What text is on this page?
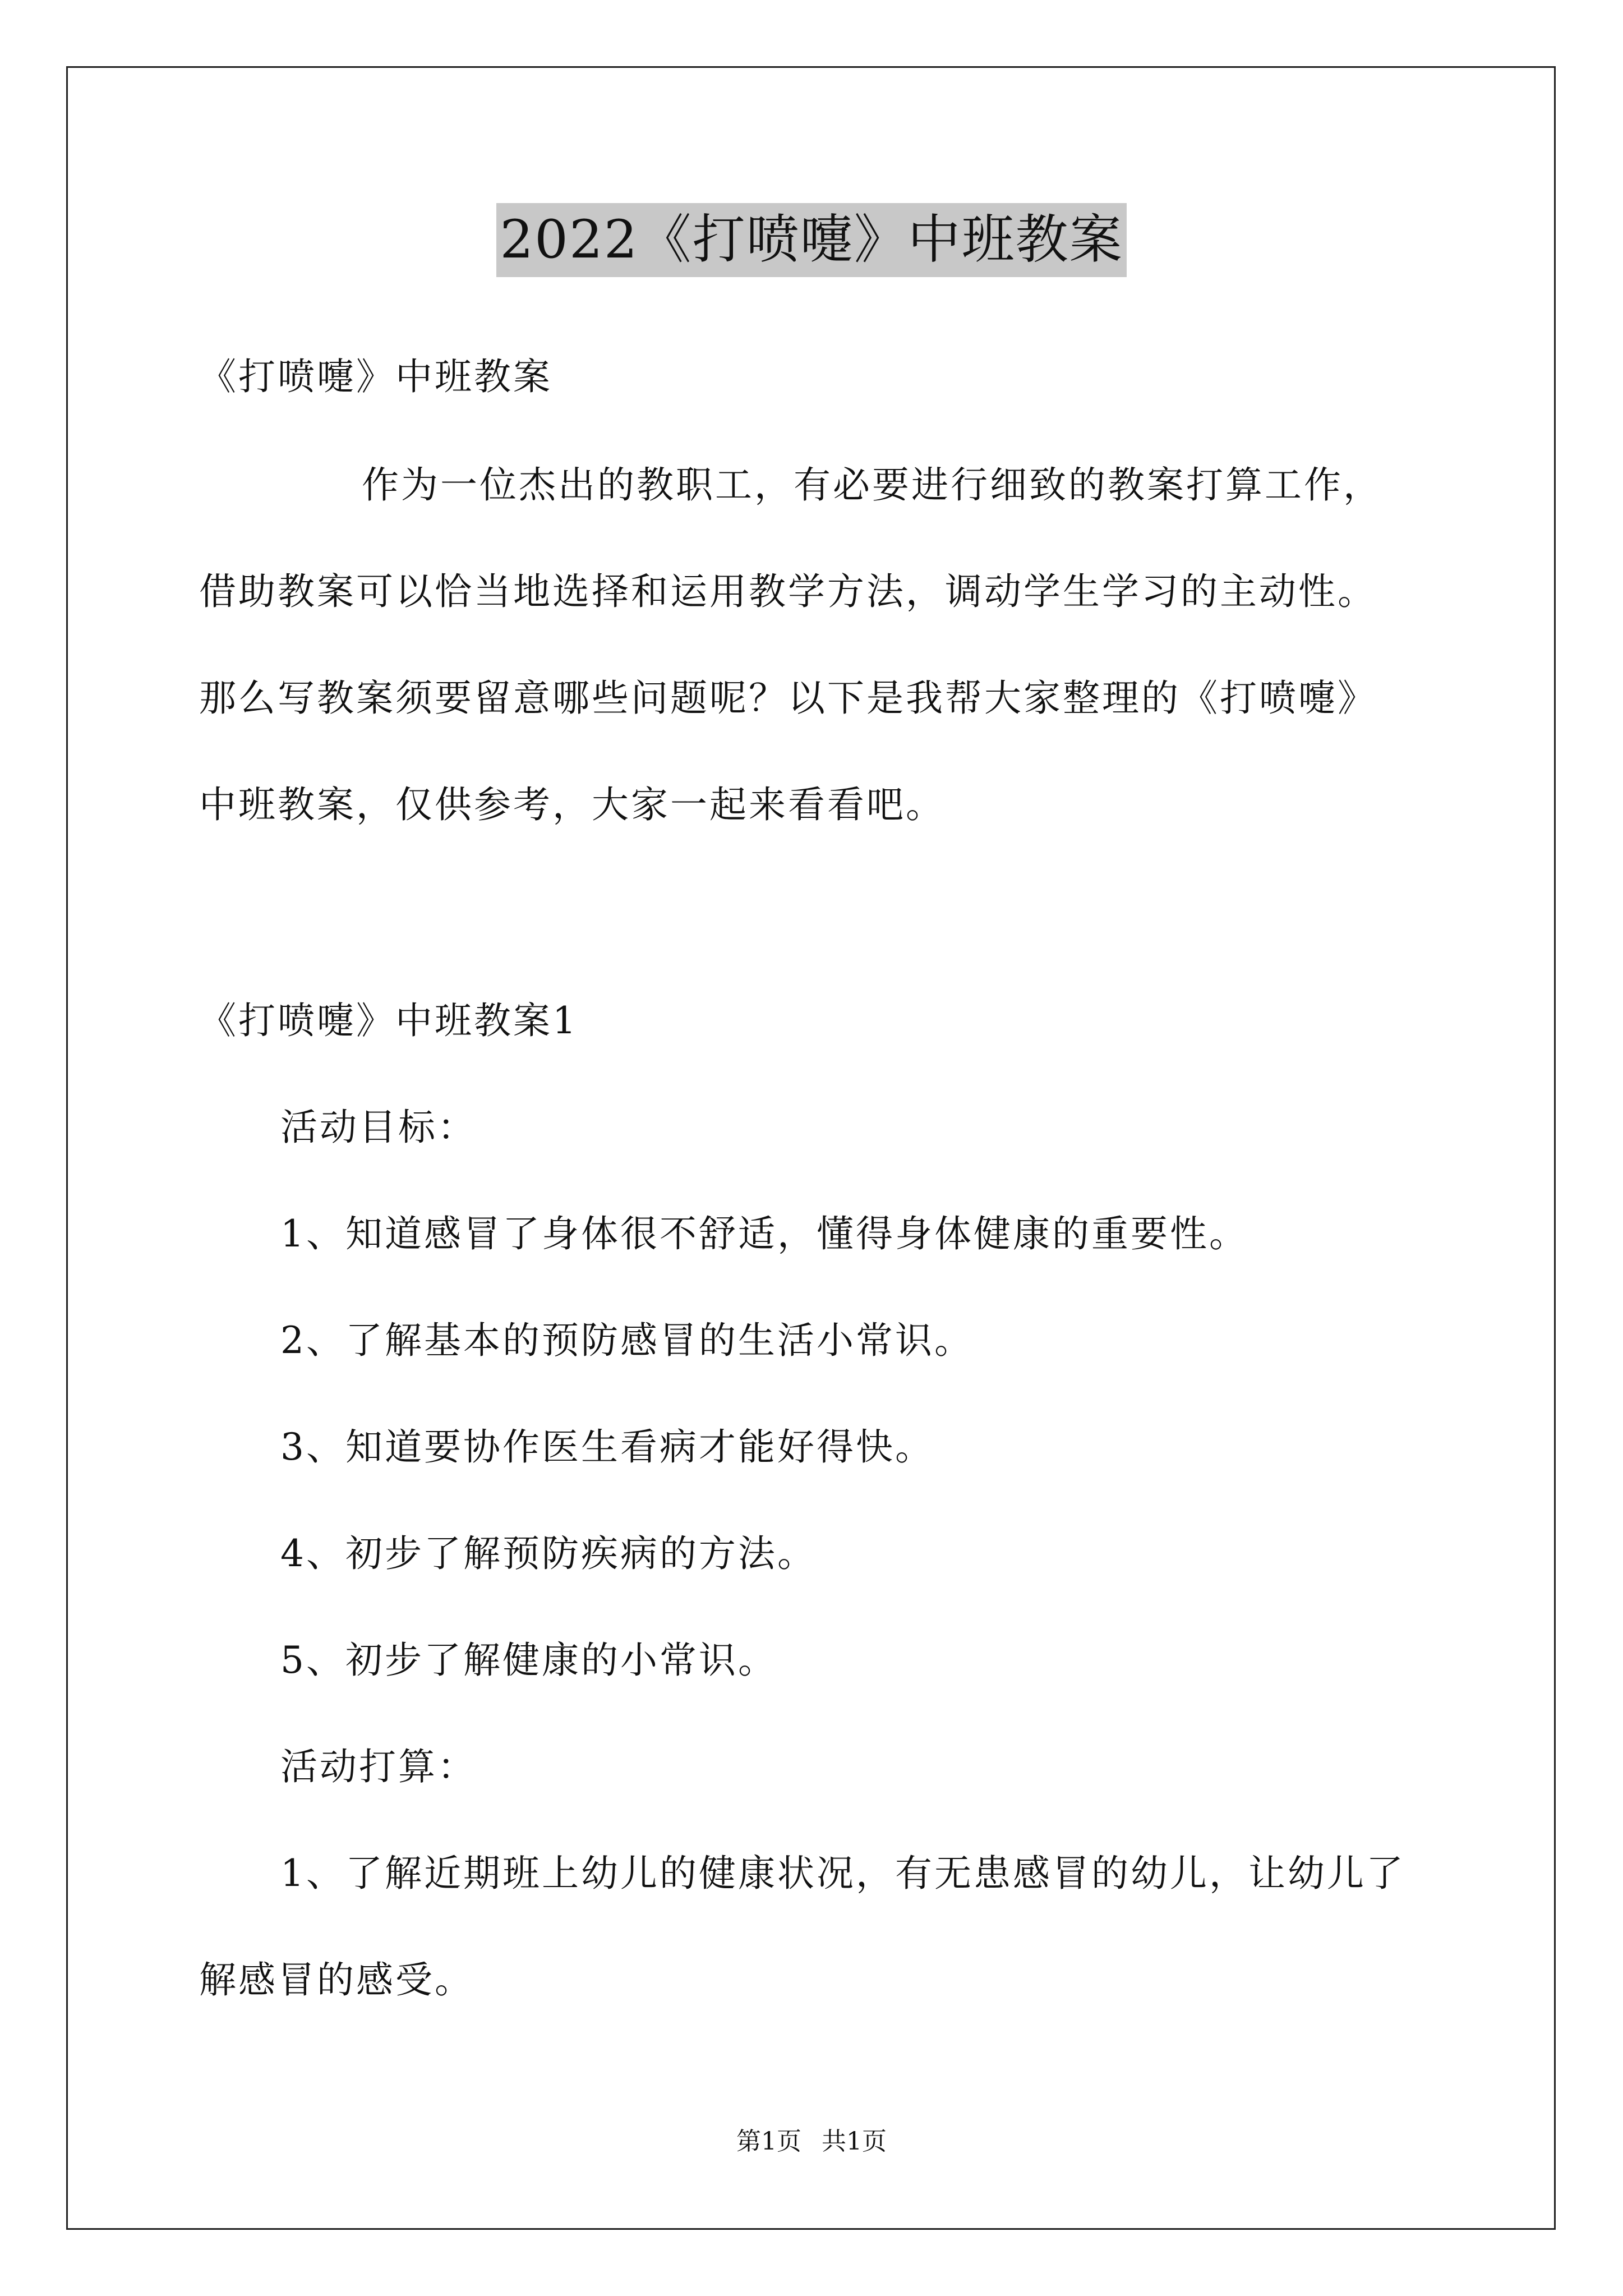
2022《打喷嚏》中班教案
《打喷嚏》中班教案
作为一位杰出的教职工，有必要进行细致的教案打算工作，
借助教案可以恰当地选择和运用教学方法，调动学生学习的主动性。
那么写教案须要留意哪些问题呢？以下是我帮大家整理的《打喷嚏》
中班教案，仅供参考，大家一起来看看吧。
《打喷嚏》中班教案1
活动目标：
1、知道感冒了身体很不舒适，懂得身体健康的重要性。
2、了解基本的预防感冒的生活小常识。
3、知道要协作医生看病才能好得快。
4、初步了解预防疾病的方法。
5、初步了解健康的小常识。
活动打算：
1、了解近期班上幼儿的健康状况，有无患感冒的幼儿，让幼儿了
解感冒的感受。
第1页 共1页
